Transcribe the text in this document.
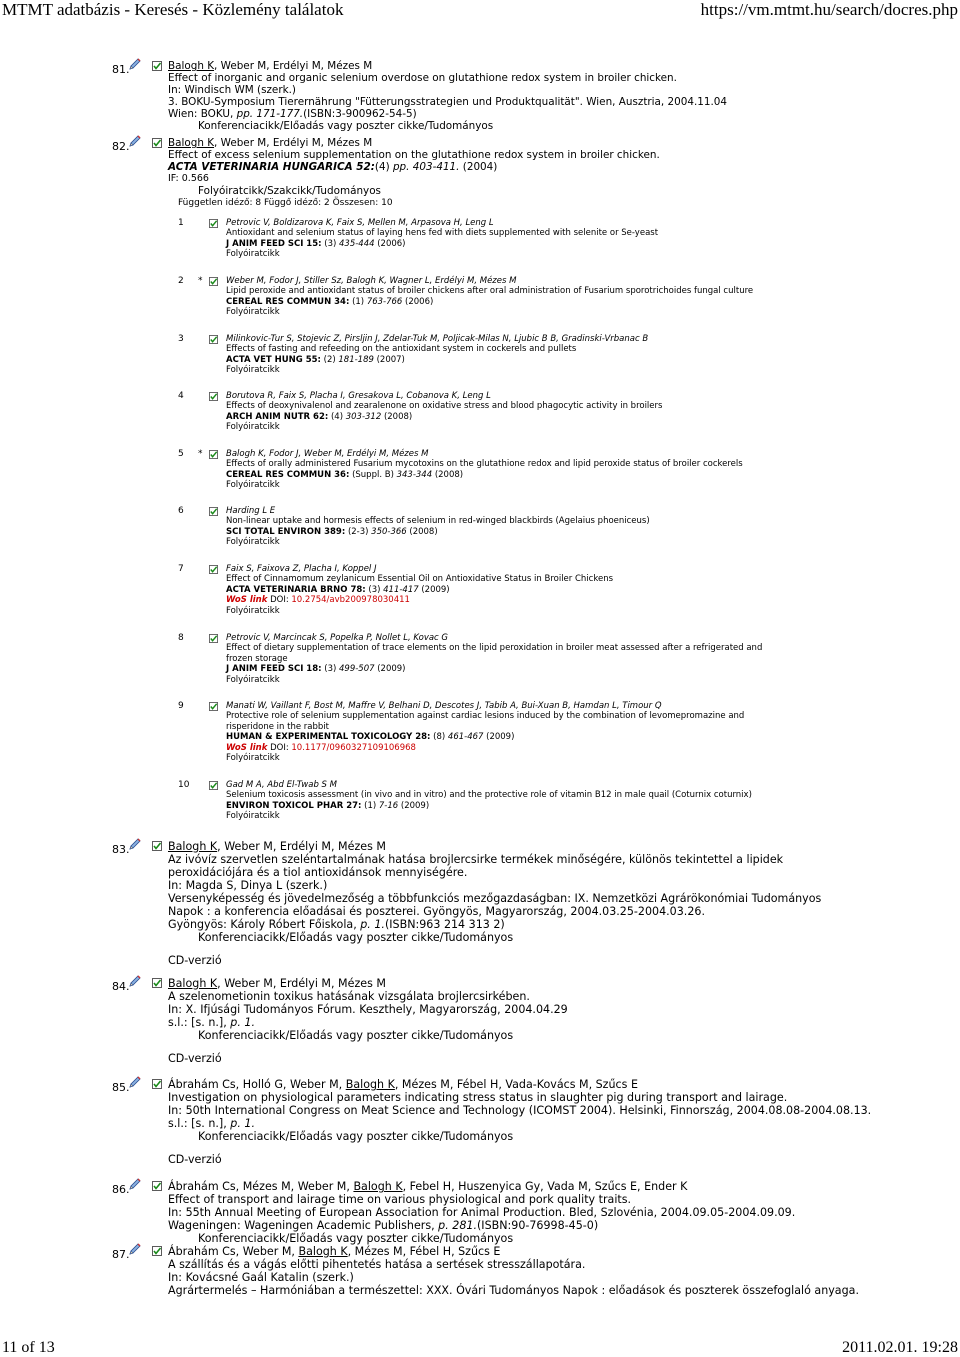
MTMT adatbázis - Keresés - Közlemény találatok	https://vm.mtmt.hu/search/docres.php
81.	Balogh K, Weber M, Erdélyi M, Mézes M
Effect of inorganic and organic selenium overdose on glutathione redox system in broiler chicken.
In: Windisch WM (szerk.)
3. BOKU-Symposium Tierernährung "Fütterungsstrategien und Produktqualität". Wien, Ausztria, 2004.11.04
Wien: BOKU, pp. 171-177.(ISBN:3-900962-54-5)
Konferenciacikk/Előadás vagy poszter cikke/Tudományos
82.	Balogh K, Weber M, Erdélyi M, Mézes M
Effect of excess selenium supplementation on the glutathione redox system in broiler chicken.
ACTA VETERINARIA HUNGARICA 52:(4) pp. 403-411. (2004)
IF: 0.566
Folyóiratcikk/Szakcikk/Tudományos
Független idéző: 8 Függő idéző: 2 Összesen: 10
1	Petrovic V, Boldizarova K, Faix S, Mellen M, Arpasova H, Leng L
Antioxidant and selenium status of laying hens fed with diets supplemented with selenite or Se-yeast
J ANIM FEED SCI 15: (3) 435-444 (2006)
Folyóiratcikk
2 *	Weber M, Fodor J, Stiller Sz, Balogh K, Wagner L, Erdélyi M, Mézes M
Lipid peroxide and antioxidant status of broiler chickens after oral administration of Fusarium sporotrichoides fungal culture
CEREAL RES COMMUN 34: (1) 763-766 (2006)
Folyóiratcikk
3	Milinkovic-Tur S, Stojevic Z, Pirsljin J, Zdelar-Tuk M, Poljicak-Milas N, Ljubic B B, Gradinski-Vrbanac B
Effects of fasting and refeeding on the antioxidant system in cockerels and pullets
ACTA VET HUNG 55: (2) 181-189 (2007)
Folyóiratcikk
4	Borutova R, Faix S, Placha I, Gresakova L, Cobanova K, Leng L
Effects of deoxynivalenol and zearalenone on oxidative stress and blood phagocytic activity in broilers
ARCH ANIM NUTR 62: (4) 303-312 (2008)
Folyóiratcikk
5 *	Balogh K, Fodor J, Weber M, Erdélyi M, Mézes M
Effects of orally administered Fusarium mycotoxins on the glutathione redox and lipid peroxide status of broiler cockerels
CEREAL RES COMMUN 36: (Suppl. B) 343-344 (2008)
Folyóiratcikk
6	Harding L E
Non-linear uptake and hormesis effects of selenium in red-winged blackbirds (Agelaius phoeniceus)
SCI TOTAL ENVIRON 389: (2-3) 350-366 (2008)
Folyóiratcikk
7	Faix S, Faixova Z, Placha I, Koppel J
Effect of Cinnamomum zeylanicum Essential Oil on Antioxidative Status in Broiler Chickens
ACTA VETERINARIA BRNO 78: (3) 411-417 (2009)
WoS link DOI: 10.2754/avb200978030411
Folyóiratcikk
8	Petrovic V, Marcincak S, Popelka P, Nollet L, Kovac G
Effect of dietary supplementation of trace elements on the lipid peroxidation in broiler meat assessed after a refrigerated and frozen storage
J ANIM FEED SCI 18: (3) 499-507 (2009)
Folyóiratcikk
9	Manati W, Vaillant F, Bost M, Maffre V, Belhani D, Descotes J, Tabib A, Bui-Xuan B, Hamdan L, Timour Q
Protective role of selenium supplementation against cardiac lesions induced by the combination of levomepromazine and risperidone in the rabbit
HUMAN & EXPERIMENTAL TOXICOLOGY 28: (8) 461-467 (2009)
WoS link DOI: 10.1177/0960327109106968
Folyóiratcikk
10	Gad M A, Abd El-Twab S M
Selenium toxicosis assessment (in vivo and in vitro) and the protective role of vitamin B12 in male quail (Coturnix coturnix)
ENVIRON TOXICOL PHAR 27: (1) 7-16 (2009)
Folyóiratcikk
83.	Balogh K, Weber M, Erdélyi M, Mézes M
Az ivóvíz szervetlen szeléntartalmának hatása brojlercsirke termékek minőségére, különös tekintettel a lipidek peroxidációjára és a tiol antioxidánsok mennyiségére.
In: Magda S, Dinya L (szerk.)
Versenyképesség és jövedelmezőség a többfunkciós mezőgazdaságban: IX. Nemzetközi Agrárökonómiai Tudományos Napok : a konferencia előadásai és poszterei. Gyöngyös, Magyarország, 2004.03.25-2004.03.26.
Gyöngyös: Károly Róbert Főiskola, p. 1.(ISBN:963 214 313 2)
Konferenciacikk/Előadás vagy poszter cikke/Tudományos
CD-verzió
84.	Balogh K, Weber M, Erdélyi M, Mézes M
A szelenometionin toxikus hatásának vizsgálata brojlercsirkében.
In: X. Ifjúsági Tudományos Fórum. Keszthely, Magyarország, 2004.04.29
s.l.: [s. n.], p. 1.
Konferenciacikk/Előadás vagy poszter cikke/Tudományos
CD-verzió
85.	Ábrahám Cs, Holló G, Weber M, Balogh K, Mézes M, Fébel H, Vada-Kovács M, Szűcs E
Investigation on physiological parameters indicating stress status in slaughter pig during transport and lairage.
In: 50th International Congress on Meat Science and Technology (ICOMST 2004). Helsinki, Finnország, 2004.08.08-2004.08.13.
s.l.: [s. n.], p. 1.
Konferenciacikk/Előadás vagy poszter cikke/Tudományos
CD-verzió
86.	Ábrahám Cs, Mézes M, Weber M, Balogh K, Febel H, Huszenyica Gy, Vada M, Szűcs E, Ender K
Effect of transport and lairage time on various physiological and pork quality traits.
In: 55th Annual Meeting of European Association for Animal Production. Bled, Szlovénia, 2004.09.05-2004.09.09.
Wageningen: Wageningen Academic Publishers, p. 281.(ISBN:90-76998-45-0)
Konferenciacikk/Előadás vagy poszter cikke/Tudományos
87.	Ábrahám Cs, Weber M, Balogh K, Mézes M, Fébel H, Szűcs E
A szállítás és a vágás előtti pihentetés hatása a sertések stresszállapotára.
In: Kovácsné Gaál Katalin (szerk.)
Agrártermelés – Harmóniában a természettel: XXX. Óvári Tudományos Napok : előadások és poszterek összefoglaló anyaga.
11 of 13	2011.02.01. 19:28
